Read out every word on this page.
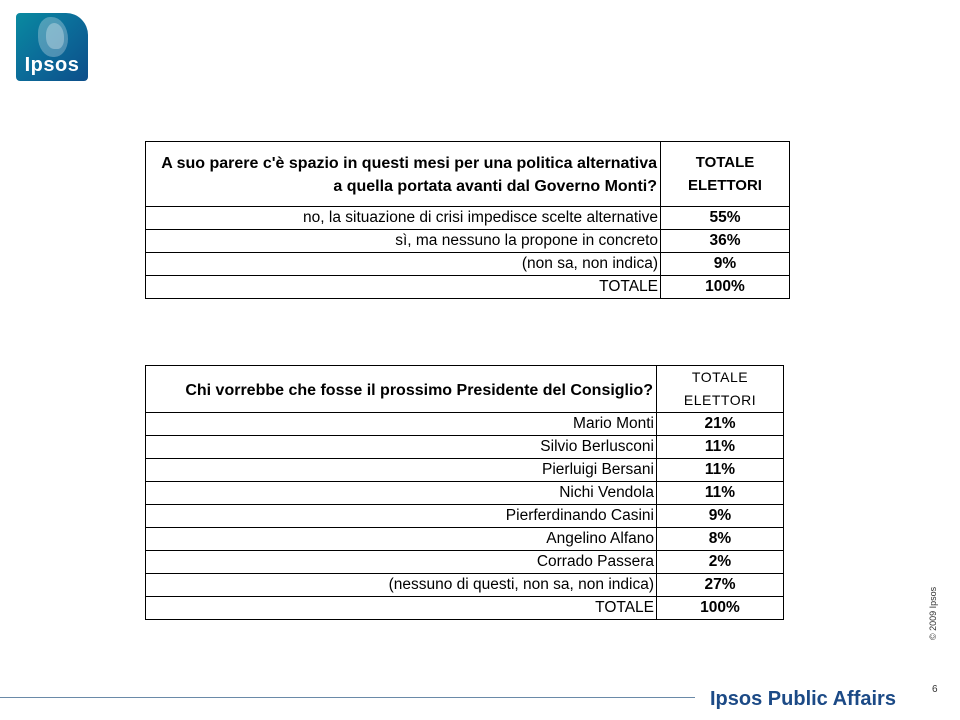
Ipsos
A suo parere c'è spazio in questi mesi per una politica alternativa a quella portata avanti dal Governo Monti?	TOTALE ELETTORI
no, la situazione di crisi impedisce scelte alternative	55%
sì, ma nessuno la propone in concreto	36%
(non sa, non indica)	9%
TOTALE	100%
Chi vorrebbe che fosse il prossimo Presidente del Consiglio?	TOTALE ELETTORI
Mario Monti	21%
Silvio Berlusconi	11%
Pierluigi Bersani	11%
Nichi Vendola	11%
Pierferdinando Casini	9%
Angelino Alfano	8%
Corrado Passera	2%
(nessuno di questi, non sa, non indica)	27%
TOTALE	100%	© 2009 Ipsos
Ipsos Public Affairs	6
